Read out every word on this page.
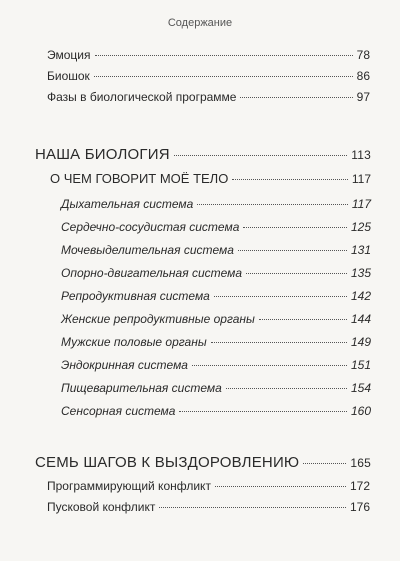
Содержание
Эмоция	78
Биошок	86
Фазы в биологической программе	97
НАША БИОЛОГИЯ	113
О ЧЕМ ГОВОРИТ МОЁ ТЕЛО	117
Дыхательная система	117
Сердечно-сосудистая система	125
Мочевыделительная система	131
Опорно-двигательная система	135
Репродуктивная система	142
Женские репродуктивные органы	144
Мужские половые органы	149
Эндокринная система	151
Пищеварительная система	154
Сенсорная система	160
СЕМЬ ШАГОВ К ВЫЗДОРОВЛЕНИЮ	165
Программирующий конфликт	172
Пусковой конфликт	176
